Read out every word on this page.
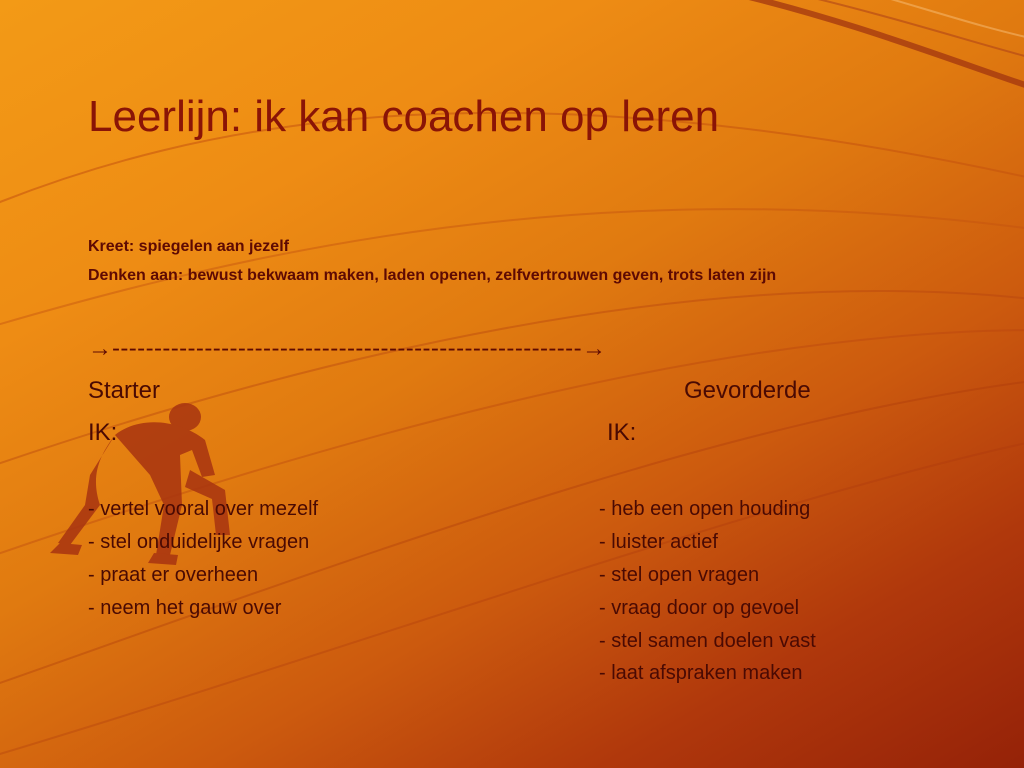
Leerlijn: ik kan coachen op leren
Kreet: spiegelen aan jezelf
Denken aan: bewust bekwaam maken, laden openen, zelfvertrouwen geven, trots laten zijn
→--------------------------------------------------------→
Starter	Gevorderde
IK:	IK:
- vertel vooral over mezelf
- stel onduidelijke vragen
- praat er overheen
- neem het gauw over
- heb een open houding
- luister actief
- stel open vragen
- vraag door op gevoel
- stel samen doelen vast
- laat afspraken maken
